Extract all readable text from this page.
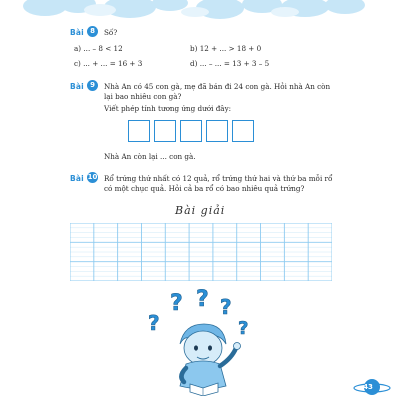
Bài 8	Số?
a) ... – 8 < 12	b) 12 + ... > 18 + 0
c) ... + ... = 16 + 3	d) ... – ... = 13 + 3 – 5
Bài 9	Nhà An có 45 con gà, mẹ đã bán đi 24 con gà. Hỏi nhà An còn
lại bao nhiêu con gà?
Viết phép tính tương ứng dưới đây:
Nhà An còn lại ... con gà.
Bài 10 Rổ trứng thứ nhất có 12 quả, rổ trứng thứ hai và thứ ba mỗi rổ
có một chục quả. Hỏi cả ba rổ có bao nhiêu quả trứng?
Bài giải
?
? ? ?
?
43
